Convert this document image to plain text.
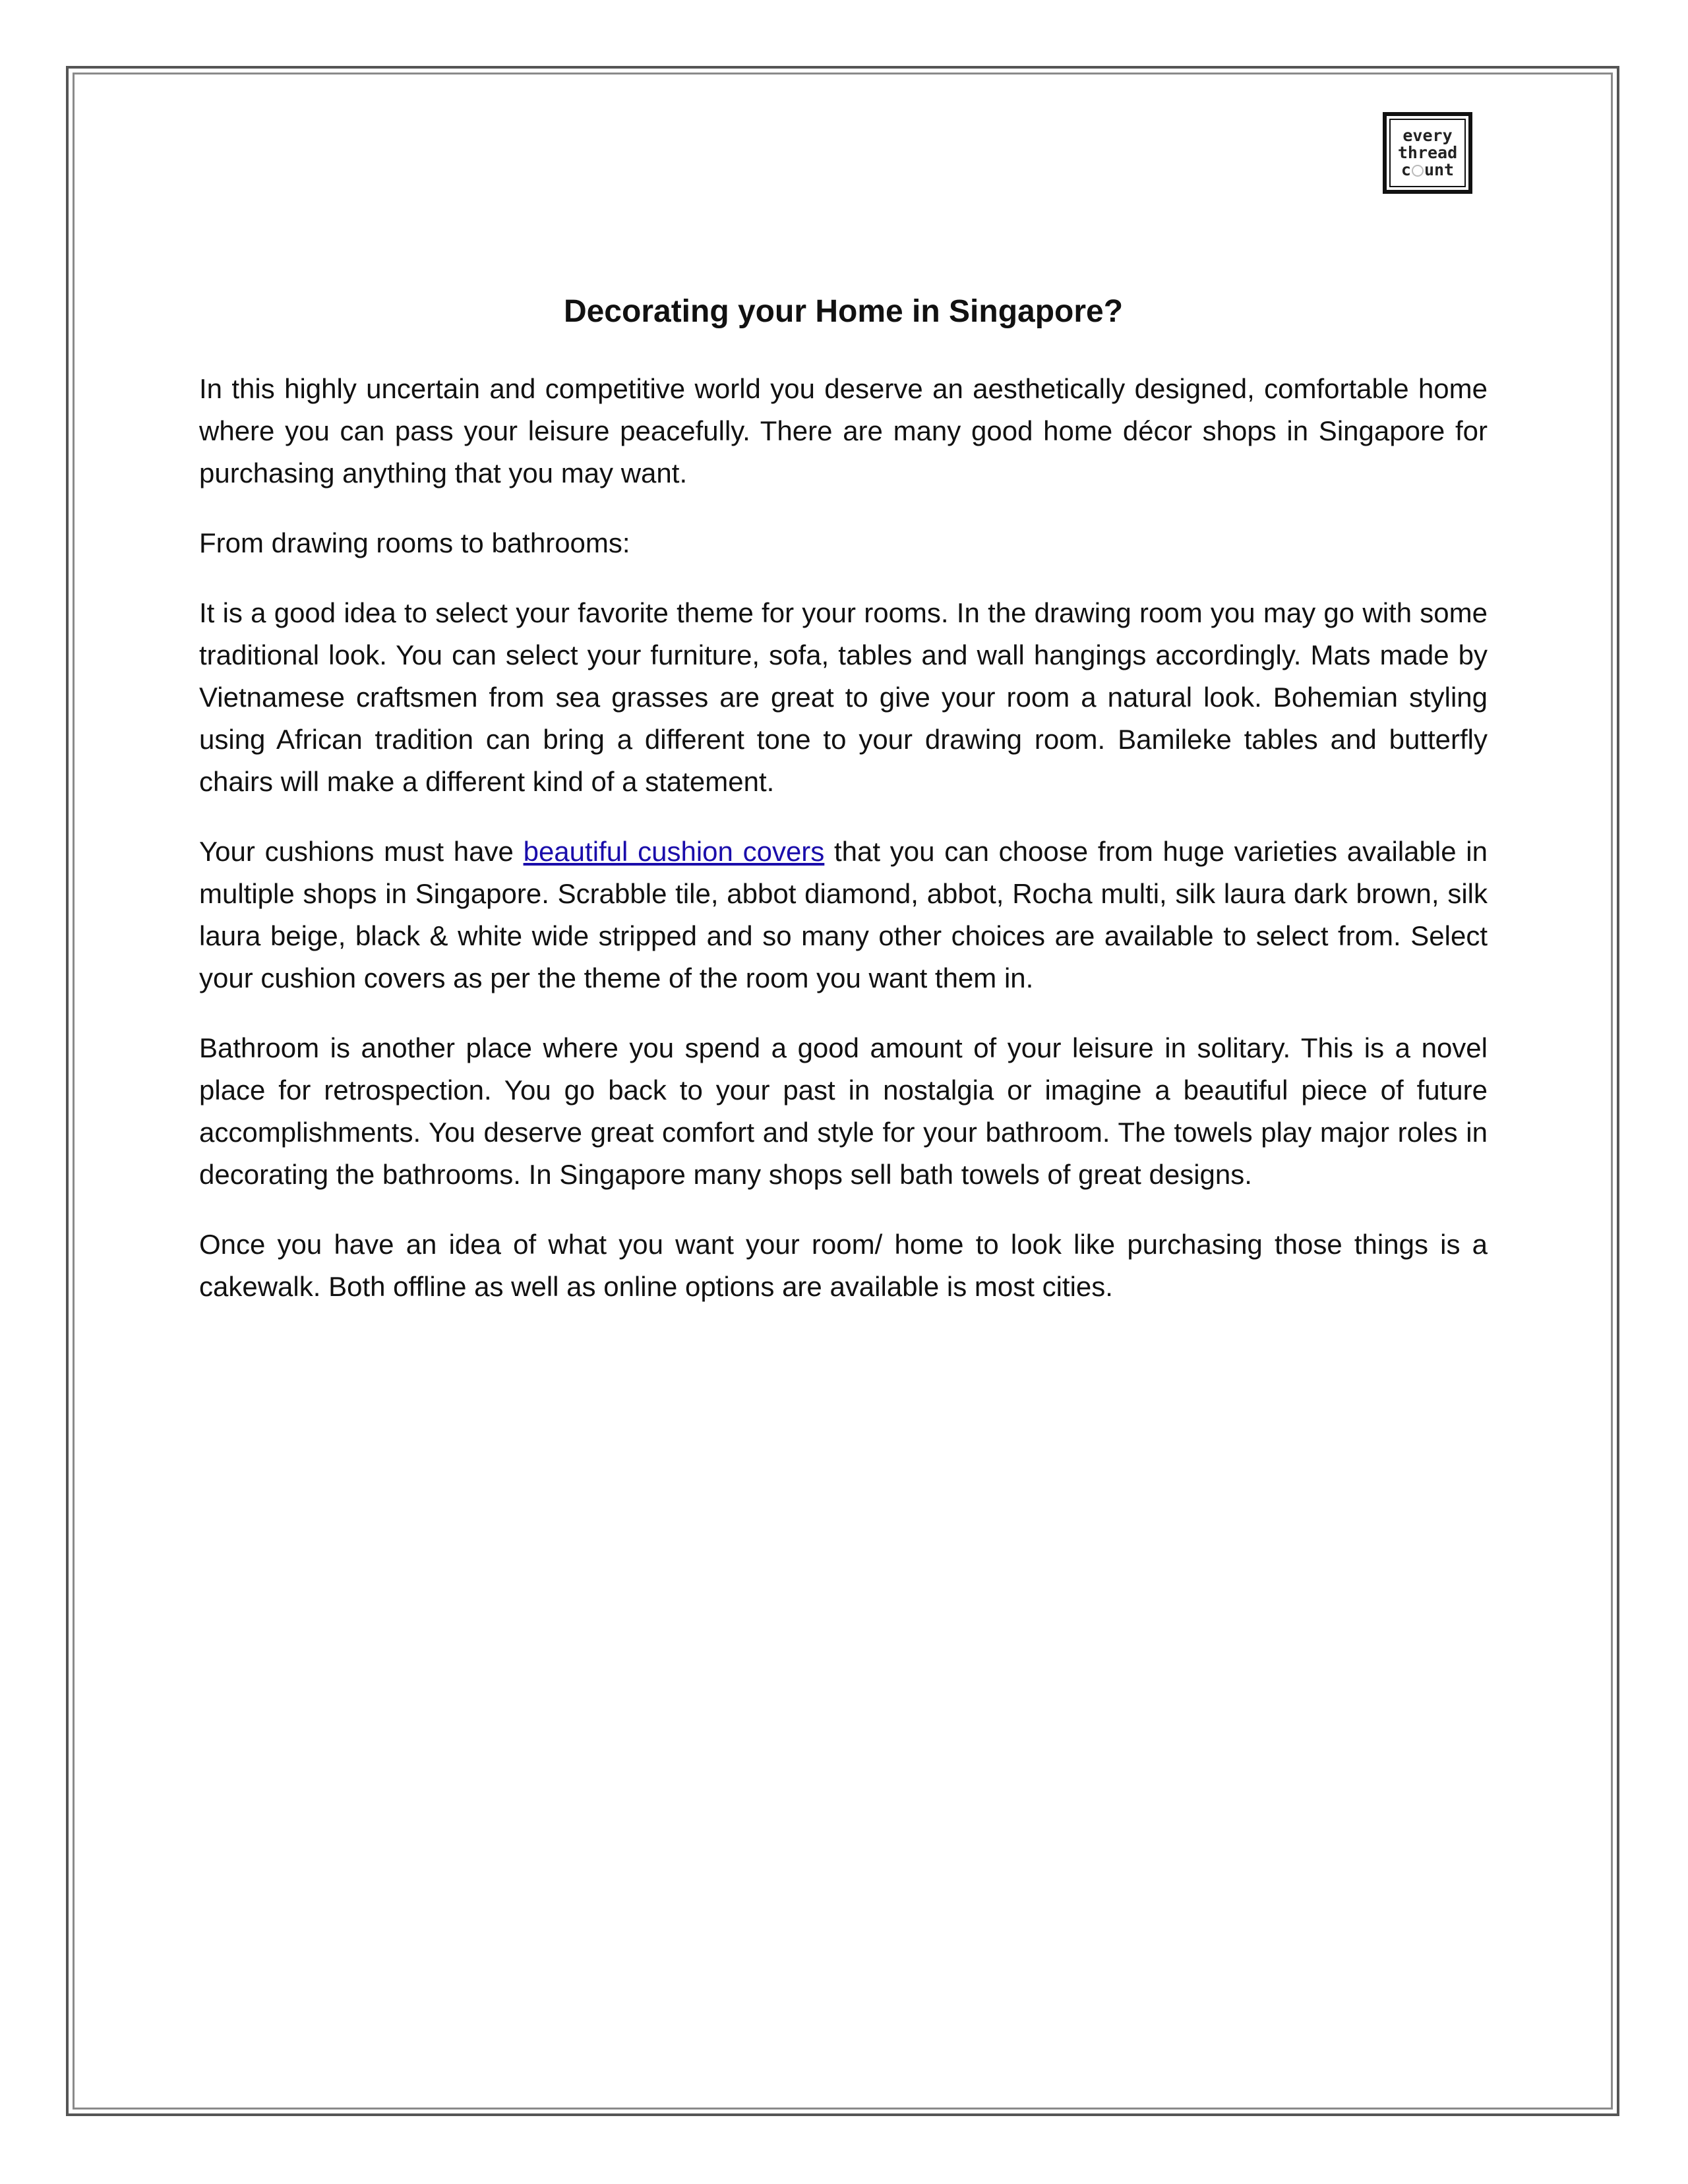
every
thread
c unt
Decorating your Home in Singapore?

In this highly uncertain and competitive world you deserve an aesthetically designed, comfortable home where you can pass your leisure peacefully. There are many good home décor shops in Singapore for purchasing anything that you may want.

From drawing rooms to bathrooms:

It is a good idea to select your favorite theme for your rooms. In the drawing room you may go with some traditional look. You can select your furniture, sofa, tables and wall hangings accordingly. Mats made by Vietnamese craftsmen from sea grasses are great to give your room a natural look. Bohemian styling using African tradition can bring a different tone to your drawing room. Bamileke tables and butterfly chairs will make a different kind of a statement.

Your cushions must have beautiful cushion covers that you can choose from huge varieties available in multiple shops in Singapore. Scrabble tile, abbot diamond, abbot, Rocha multi, silk laura dark brown, silk laura beige, black & white wide stripped and so many other choices are available to select from. Select your cushion covers as per the theme of the room you want them in.

Bathroom is another place where you spend a good amount of your leisure in solitary. This is a novel place for retrospection. You go back to your past in nostalgia or imagine a beautiful piece of future accomplishments. You deserve great comfort and style for your bathroom. The towels play major roles in decorating the bathrooms. In Singapore many shops sell bath towels of great designs.

Once you have an idea of what you want your room/ home to look like purchasing those things is a cakewalk. Both offline as well as online options are available is most cities.
